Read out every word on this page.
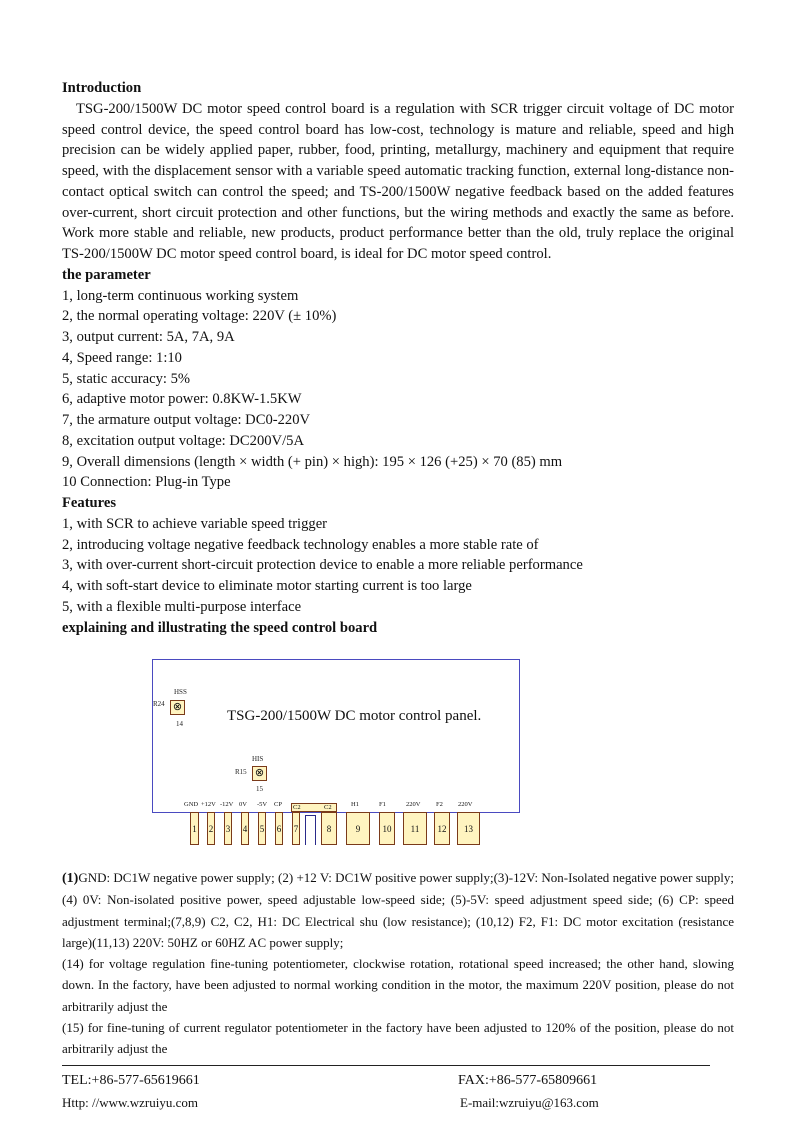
Introduction
TSG-200/1500W DC motor speed control board is a regulation with SCR trigger circuit voltage of DC motor speed control device, the speed control board has low-cost, technology is mature and reliable, speed and high precision can be widely applied paper, rubber, food, printing, metallurgy, machinery and equipment that require speed, with the displacement sensor with a variable speed automatic tracking function, external long-distance non-contact optical switch can control the speed; and TS-200/1500W negative feedback based on the added features over-current, short circuit protection and other functions, but the wiring methods and exactly the same as before. Work more stable and reliable, new products, product performance better than the old, truly replace the original TS-200/1500W DC motor speed control board, is ideal for DC motor speed control.
the parameter
1, long-term continuous working system
2, the normal operating voltage: 220V (± 10%)
3, output current: 5A, 7A, 9A
4, Speed range: 1:10
5, static accuracy: 5%
6, adaptive motor power: 0.8KW-1.5KW
7, the armature output voltage: DC0-220V
8, excitation output voltage: DC200V/5A
9, Overall dimensions (length × width (+ pin) × high): 195 × 126 (+25) × 70 (85) mm
10 Connection: Plug-in Type
Features
1, with SCR to achieve variable speed trigger
2, introducing voltage negative feedback technology enables a more stable rate of
3, with over-current short-circuit protection device to enable a more reliable performance
4, with soft-start device to eliminate motor starting current is too large
5, with a flexible multi-purpose interface
explaining and illustrating the speed control board
HSS
R24 ⊗
14	TSG-200/1500W DC motor control panel.
HIS
R15 ⊗
15
1
GND
2
+12V
3
-12V
4
0V
5
-5V
6
CP
7
C2
8
C2
9
H1
10
F1
11
220V
12
F2
13
220V
(1)GND: DC1W negative power supply; (2) +12 V: DC1W positive power supply;(3)-12V: Non-Isolated negative power supply;(4) 0V: Non-isolated positive power, speed adjustable low-speed side; (5)-5V: speed adjustment speed side; (6) CP: speed adjustment terminal;(7,8,9) C2, C2, H1: DC Electrical shu (low resistance); (10,12) F2, F1: DC motor excitation (resistance large)(11,13) 220V: 50HZ or 60HZ AC power supply;
(14) for voltage regulation fine-tuning potentiometer, clockwise rotation, rotational speed increased; the other hand, slowing down. In the factory, have been adjusted to normal working condition in the motor, the maximum 220V position, please do not arbitrarily adjust the
(15) for fine-tuning of current regulator potentiometer in the factory have been adjusted to 120% of the position, please do not arbitrarily adjust the
TEL:+86-577-65619661	FAX:+86-577-65809661
Http: //www.wzruiyu.com	E-mail:wzruiyu@163.com
